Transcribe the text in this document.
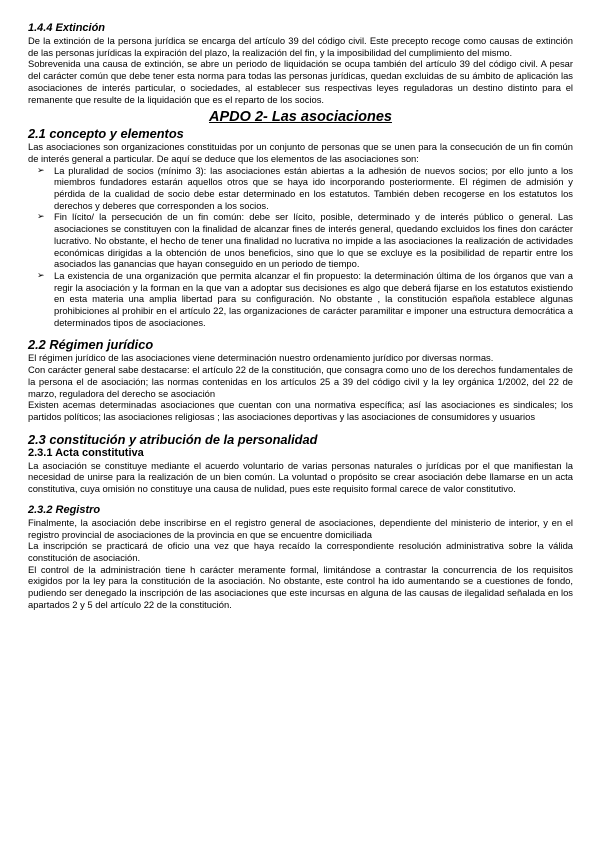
1.4.4 Extinción

De la extinción de la persona jurídica se encarga del artículo 39 del código civil. Este precepto recoge como causas de extinción de las personas jurídicas la expiración del plazo, la realización del fin, y la imposibilidad del cumplimiento del mismo.

Sobrevenida una causa de extinción, se abre un periodo de liquidación se ocupa también del artículo 39 del código civil. A pesar del carácter común que debe tener esta norma para todas las personas jurídicas, quedan excluidas de su ámbito de aplicación las asociaciones de interés particular, o sociedades, al establecer sus respectivas leyes reguladoras un destino distinto para el remanente que resulte de la liquidación que es el reparto de los socios.

APDO 2- Las asociaciones
2.1 concepto y elementos

Las asociaciones son organizaciones constituidas por un conjunto de personas que se unen para la consecución de un fin común de interés general a particular. De aquí se deduce que los elementos de las asociaciones son:

➢ La pluralidad de socios (mínimo 3): las asociaciones están abiertas a la adhesión de nuevos socios; por ello junto a los miembros fundadores estarán aquellos otros que se haya ido incorporando posteriormente. El régimen de admisión y pérdida de la cualidad de socio debe estar determinado en los estatutos. También deben recogerse en los estatutos los derechos y deberes que corresponden a los socios.
➢ Fin lícito/ la persecución de un fin común: debe ser lícito, posible, determinado y de interés público o general. Las asociaciones se constituyen con la finalidad de alcanzar fines de interés general, quedando excluidos los fines don carácter lucrativo. No obstante, el hecho de tener una finalidad no lucrativa no impide a las asociaciones la realización de actividades económicas dirigidas a la obtención de unos beneficios, sino que lo que se excluye es la posibilidad de repartir entre los asociados las ganancias que hayan conseguido en un periodo de tiempo.
➢ La existencia de una organización que permita alcanzar el fin propuesto: la determinación última de los órganos que van a regir la asociación y la forman en la que van a adoptar sus decisiones es algo que deberá fijarse en los estatutos existiendo en esta materia una amplia libertad para su configuración. No obstante , la constitución española establece algunas prohibiciones al prohibir en el artículo 22, las organizaciones de carácter paramilitar e imponer una estructura democrática a determinados tipos de asociaciones.
2.2 Régimen jurídico

El régimen jurídico de las asociaciones viene determinación nuestro ordenamiento jurídico por diversas normas.

Con carácter general sabe destacarse: el artículo 22 de la constitución, que consagra como uno de los derechos fundamentales de la persona el de asociación; las normas contenidas en los artículos 25 a 39 del código civil y la ley orgánica 1/2002, del 22 de marzo, reguladora del derecho se asociación

Existen acemas determinadas asociaciones que cuentan con una normativa específica; así las asociaciones es sindicales; los partidos políticos; las asociaciones religiosas ; las asociaciones deportivas y las asociaciones de consumidores y usuarios

2.3 constitución y atribución de la personalidad
2.3.1 Acta constitutiva

La asociación se constituye mediante el acuerdo voluntario de varias personas naturales o jurídicas por el que manifiestan la necesidad de unirse para la realización de un bien común. La voluntad o propósito se crear asociación debe llamarse en un acta constitutiva, cuya omisión no constituye una causa de nulidad, pues este requisito formal carece de valor constitutivo.

2.3.2 Registro

Finalmente, la asociación debe inscribirse en el registro general de asociaciones, dependiente del ministerio de interior, y en el registro provincial de asociaciones de la provincia en que se encuentre domiciliada

La inscripción se practicará de oficio una vez que haya recaído la correspondiente resolución administrativa sobre la válida constitución de asociación.

El control de la administración tiene h carácter meramente formal, limitándose a contrastar la concurrencia de los requisitos exigidos por la ley para la constitución de la asociación. No obstante, este control ha ido aumentando se a cuestiones de fondo, pudiendo ser denegado la inscripción de las asociaciones que este incursas en alguna de las causas de ilegalidad señalada en los apartados 2 y 5 del artículo 22 de la constitución.
